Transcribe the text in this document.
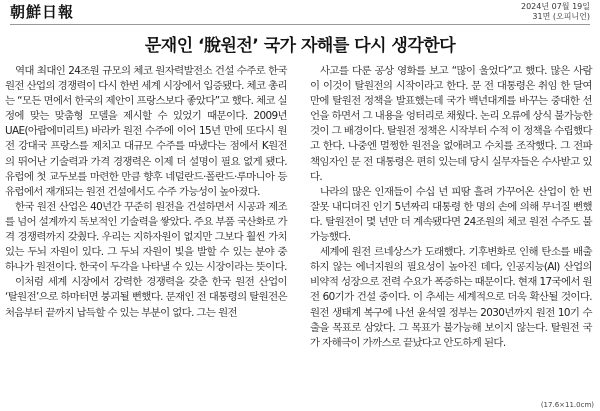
朝鮮日報	2024년 07월 19일
31면 (오피니언)
문재인 ‘脫원전’ 국가 자해를 다시 생각한다

역대 최대인 24조원 규모의 체코 원자력발전소 건설 수주로 한국 원전 산업의 경쟁력이 다시 한번 세계 시장에서 입증됐다. 체코 총리는 “모든 면에서 한국의 제안이 프랑스보다 좋았다”고 했다. 체코 실정에 맞는 맞춤형 모델을 제시할 수 있었기 때문이다. 2009년 UAE(아랍에미리트) 바라카 원전 수주에 이어 15년 만에 또다시 원전 강대국 프랑스를 제치고 대규모 수주를 따냈다는 점에서 K원전의 뛰어난 기술력과 가격 경쟁력은 이제 더 설명이 필요 없게 됐다. 유럽에 첫 교두보를 마련한 만큼 향후 네덜란드·폴란드·루마니아 등 유럽에서 재개되는 원전 건설에서도 수주 가능성이 높아졌다.

한국 원전 산업은 40년간 꾸준히 원전을 건설하면서 시공과 제조를 넘어 설계까지 독보적인 기술력을 쌓았다. 주요 부품 국산화로 가격 경쟁력까지 갖췄다. 우리는 지하자원이 없지만 그보다 훨씬 가치 있는 두뇌 자원이 있다. 그 두뇌 자원이 빛을 발할 수 있는 분야 중 하나가 원전이다. 한국이 두각을 나타낼 수 있는 시장이라는 뜻이다.

이처럼 세계 시장에서 강력한 경쟁력을 갖춘 한국 원전 산업이 ‘탈원전’으로 하마터면 붕괴될 뻔했다. 문재인 전 대통령의 탈원전은 처음부터 끝까지 납득할 수 있는 부분이 없다. 그는 원전

사고를 다룬 공상 영화를 보고 “많이 울었다”고 했다. 많은 사람이 이것이 탈원전의 시작이라고 한다. 문 전 대통령은 취임 한 달여 만에 탈원전 정책을 발표했는데 국가 백년대계를 바꾸는 중대한 선언을 하면서 그 내용을 엉터리로 채웠다. 논리 오류에 상식 불가능한 것이 그 배경이다. 탈원전 정책은 시작부터 수적 이 정책을 수립했다고 한다. 나중엔 멀쩡한 원전을 없애려고 수치를 조작했다. 그 전파 책임자인 문 전 대통령은 편히 있는데 당시 실무자들은 수사받고 있다.

나라의 많은 인재들이 수십 년 피땀 흘려 가꾸어온 산업이 한 번 잘못 내디뎌진 인기 5년짜리 대통령 한 명의 손에 의해 무너질 뻔했다. 탈원전이 몇 년만 더 계속됐다면 24조원의 체코 원전 수주도 불가능했다.

세계에 원전 르네상스가 도래했다. 기후변화로 인해 탄소를 배출하지 않는 에너지원의 필요성이 높아진 데다, 인공지능(AI) 산업의 비약적 성장으로 전력 수요가 폭증하는 때문이다. 현재 17국에서 원전 60기가 건설 중이다. 이 추세는 세계적으로 더욱 확산될 것이다. 원전 생태계 복구에 나선 윤석열 정부는 2030년까지 원전 10기 수출을 목표로 삼았다. 그 목표가 불가능해 보이지 않는다. 탈원전 국가 자해극이 가까스로 끝났다고 안도하게 된다.

(17.6×11.0cm)
